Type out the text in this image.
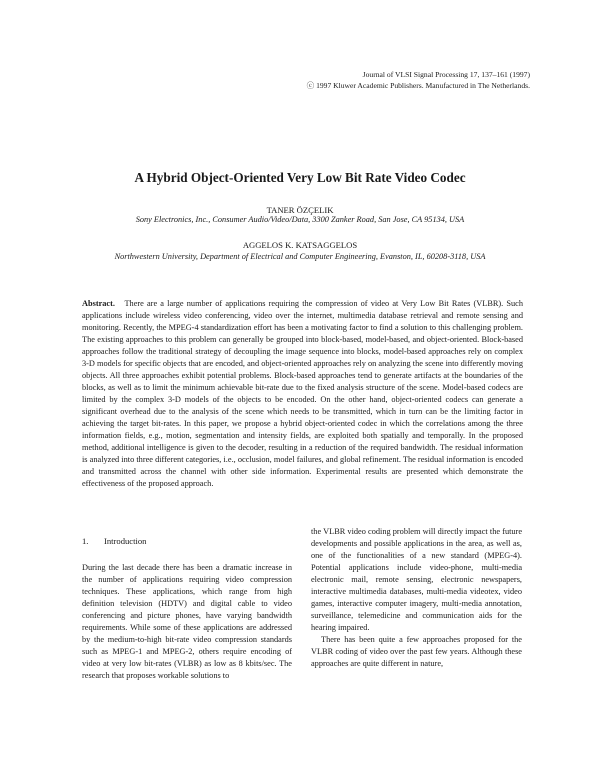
Journal of VLSI Signal Processing 17, 137–161 (1997)
ⓒ 1997 Kluwer Academic Publishers. Manufactured in The Netherlands.
A Hybrid Object-Oriented Very Low Bit Rate Video Codec
TANER ÖZÇELIK
Sony Electronics, Inc., Consumer Audio/Video/Data, 3300 Zanker Road, San Jose, CA 95134, USA
AGGELOS K. KATSAGGELOS
Northwestern University, Department of Electrical and Computer Engineering, Evanston, IL, 60208-3118, USA

Abstract. There are a large number of applications requiring the compression of video at Very Low Bit Rates (VLBR). Such applications include wireless video conferencing, video over the internet, multimedia database retrieval and remote sensing and monitoring. Recently, the MPEG-4 standardization effort has been a motivating factor to find a solution to this challenging problem. The existing approaches to this problem can generally be grouped into block-based, model-based, and object-oriented. Block-based approaches follow the traditional strategy of decoupling the image sequence into blocks, model-based approaches rely on complex 3-D models for specific objects that are encoded, and object-oriented approaches rely on analyzing the scene into differently moving objects. All three approaches exhibit potential problems. Block-based approaches tend to generate artifacts at the boundaries of the blocks, as well as to limit the minimum achievable bit-rate due to the fixed analysis structure of the scene. Model-based codecs are limited by the complex 3-D models of the objects to be encoded. On the other hand, object-oriented codecs can generate a significant overhead due to the analysis of the scene which needs to be transmitted, which in turn can be the limiting factor in achieving the target bit-rates. In this paper, we propose a hybrid object-oriented codec in which the correlations among the three information fields, e.g., motion, segmentation and intensity fields, are exploited both spatially and temporally. In the proposed method, additional intelligence is given to the decoder, resulting in a reduction of the required bandwidth. The residual information is analyzed into three different categories, i.e., occlusion, model failures, and global refinement. The residual information is encoded and transmitted across the channel with other side information. Experimental results are presented which demonstrate the effectiveness of the proposed approach.

1. Introduction

During the last decade there has been a dramatic increase in the number of applications requiring video compression techniques. These applications, which range from high definition television (HDTV) and digital cable to video conferencing and picture phones, have varying bandwidth requirements. While some of these applications are addressed by the medium-to-high bit-rate video compression standards such as MPEG-1 and MPEG-2, others require encoding of video at very low bit-rates (VLBR) as low as 8 kbits/sec. The research that proposes workable solutions to

the VLBR video coding problem will directly impact the future developments and possible applications in the area, as well as, one of the functionalities of a new standard (MPEG-4). Potential applications include video-phone, multi-media electronic mail, remote sensing, electronic newspapers, interactive multimedia databases, multi-media videotex, video games, interactive computer imagery, multi-media annotation, surveillance, telemedicine and communication aids for the hearing impaired.

There has been quite a few approaches proposed for the VLBR coding of video over the past few years. Although these approaches are quite different in nature,
